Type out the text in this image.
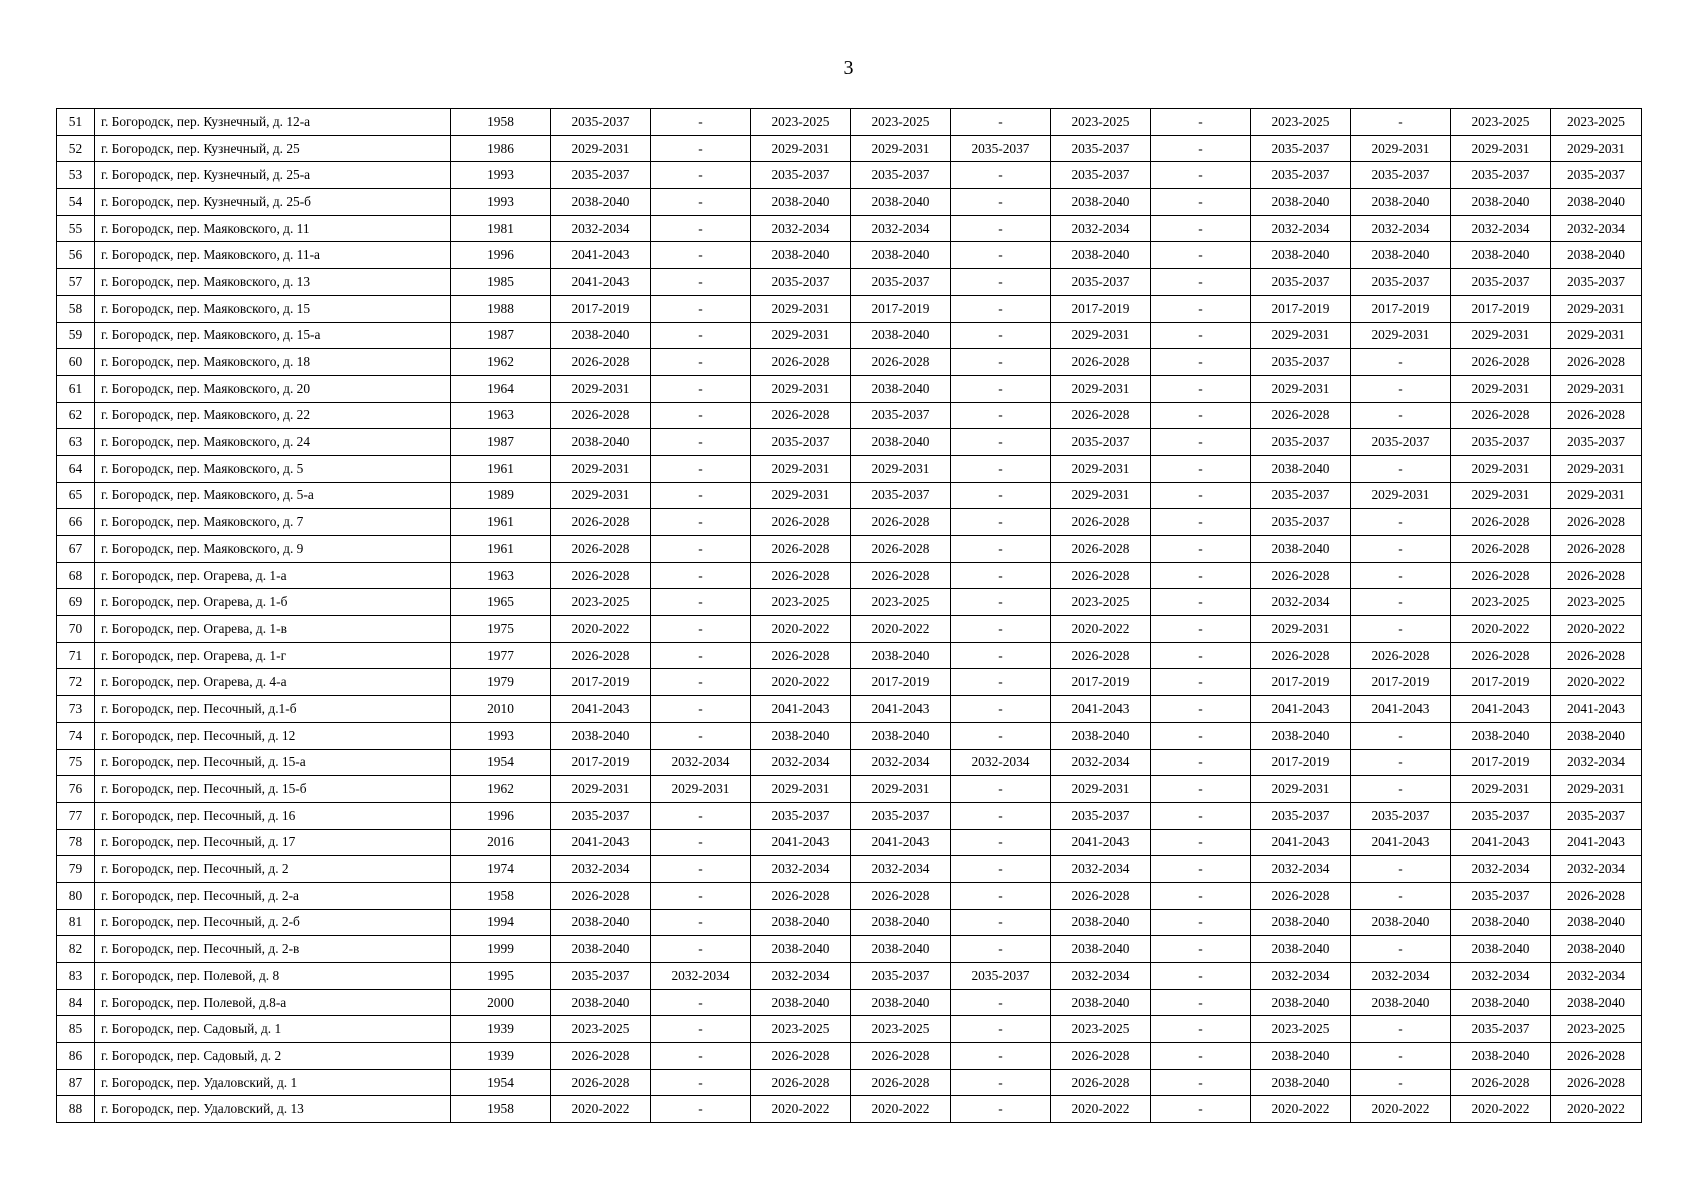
3
51	г. Богородск, пер. Кузнечный, д. 12-а	1958	2035-2037	-	2023-2025	2023-2025	-	2023-2025	-	2023-2025	-	2023-2025	2023-2025
52	г. Богородск, пер. Кузнечный, д. 25	1986	2029-2031	-	2029-2031	2029-2031	2035-2037	2035-2037	-	2035-2037	2029-2031	2029-2031	2029-2031
53	г. Богородск, пер. Кузнечный, д. 25-а	1993	2035-2037	-	2035-2037	2035-2037	-	2035-2037	-	2035-2037	2035-2037	2035-2037	2035-2037
54	г. Богородск, пер. Кузнечный, д. 25-б	1993	2038-2040	-	2038-2040	2038-2040	-	2038-2040	-	2038-2040	2038-2040	2038-2040	2038-2040
55	г. Богородск, пер. Маяковского, д. 11	1981	2032-2034	-	2032-2034	2032-2034	-	2032-2034	-	2032-2034	2032-2034	2032-2034	2032-2034
56	г. Богородск, пер. Маяковского, д. 11-а	1996	2041-2043	-	2038-2040	2038-2040	-	2038-2040	-	2038-2040	2038-2040	2038-2040	2038-2040
57	г. Богородск, пер. Маяковского, д. 13	1985	2041-2043	-	2035-2037	2035-2037	-	2035-2037	-	2035-2037	2035-2037	2035-2037	2035-2037
58	г. Богородск, пер. Маяковского, д. 15	1988	2017-2019	-	2029-2031	2017-2019	-	2017-2019	-	2017-2019	2017-2019	2017-2019	2029-2031
59	г. Богородск, пер. Маяковского, д. 15-а	1987	2038-2040	-	2029-2031	2038-2040	-	2029-2031	-	2029-2031	2029-2031	2029-2031	2029-2031
60	г. Богородск, пер. Маяковского, д. 18	1962	2026-2028	-	2026-2028	2026-2028	-	2026-2028	-	2035-2037	-	2026-2028	2026-2028
61	г. Богородск, пер. Маяковского, д. 20	1964	2029-2031	-	2029-2031	2038-2040	-	2029-2031	-	2029-2031	-	2029-2031	2029-2031
62	г. Богородск, пер. Маяковского, д. 22	1963	2026-2028	-	2026-2028	2035-2037	-	2026-2028	-	2026-2028	-	2026-2028	2026-2028
63	г. Богородск, пер. Маяковского, д. 24	1987	2038-2040	-	2035-2037	2038-2040	-	2035-2037	-	2035-2037	2035-2037	2035-2037	2035-2037
64	г. Богородск, пер. Маяковского, д. 5	1961	2029-2031	-	2029-2031	2029-2031	-	2029-2031	-	2038-2040	-	2029-2031	2029-2031
65	г. Богородск, пер. Маяковского, д. 5-а	1989	2029-2031	-	2029-2031	2035-2037	-	2029-2031	-	2035-2037	2029-2031	2029-2031	2029-2031
66	г. Богородск, пер. Маяковского, д. 7	1961	2026-2028	-	2026-2028	2026-2028	-	2026-2028	-	2035-2037	-	2026-2028	2026-2028
67	г. Богородск, пер. Маяковского, д. 9	1961	2026-2028	-	2026-2028	2026-2028	-	2026-2028	-	2038-2040	-	2026-2028	2026-2028
68	г. Богородск, пер. Огарева, д. 1-а	1963	2026-2028	-	2026-2028	2026-2028	-	2026-2028	-	2026-2028	-	2026-2028	2026-2028
69	г. Богородск, пер. Огарева, д. 1-б	1965	2023-2025	-	2023-2025	2023-2025	-	2023-2025	-	2032-2034	-	2023-2025	2023-2025
70	г. Богородск, пер. Огарева, д. 1-в	1975	2020-2022	-	2020-2022	2020-2022	-	2020-2022	-	2029-2031	-	2020-2022	2020-2022
71	г. Богородск, пер. Огарева, д. 1-г	1977	2026-2028	-	2026-2028	2038-2040	-	2026-2028	-	2026-2028	2026-2028	2026-2028	2026-2028
72	г. Богородск, пер. Огарева, д. 4-а	1979	2017-2019	-	2020-2022	2017-2019	-	2017-2019	-	2017-2019	2017-2019	2017-2019	2020-2022
73	г. Богородск, пер. Песочный, д.1-б	2010	2041-2043	-	2041-2043	2041-2043	-	2041-2043	-	2041-2043	2041-2043	2041-2043	2041-2043
74	г. Богородск, пер. Песочный, д. 12	1993	2038-2040	-	2038-2040	2038-2040	-	2038-2040	-	2038-2040	-	2038-2040	2038-2040
75	г. Богородск, пер. Песочный, д. 15-а	1954	2017-2019	2032-2034	2032-2034	2032-2034	2032-2034	2032-2034	-	2017-2019	-	2017-2019	2032-2034
76	г. Богородск, пер. Песочный, д. 15-б	1962	2029-2031	2029-2031	2029-2031	2029-2031	-	2029-2031	-	2029-2031	-	2029-2031	2029-2031
77	г. Богородск, пер. Песочный, д. 16	1996	2035-2037	-	2035-2037	2035-2037	-	2035-2037	-	2035-2037	2035-2037	2035-2037	2035-2037
78	г. Богородск, пер. Песочный, д. 17	2016	2041-2043	-	2041-2043	2041-2043	-	2041-2043	-	2041-2043	2041-2043	2041-2043	2041-2043
79	г. Богородск, пер. Песочный, д. 2	1974	2032-2034	-	2032-2034	2032-2034	-	2032-2034	-	2032-2034	-	2032-2034	2032-2034
80	г. Богородск, пер. Песочный, д. 2-а	1958	2026-2028	-	2026-2028	2026-2028	-	2026-2028	-	2026-2028	-	2035-2037	2026-2028
81	г. Богородск, пер. Песочный, д. 2-б	1994	2038-2040	-	2038-2040	2038-2040	-	2038-2040	-	2038-2040	2038-2040	2038-2040	2038-2040
82	г. Богородск, пер. Песочный, д. 2-в	1999	2038-2040	-	2038-2040	2038-2040	-	2038-2040	-	2038-2040	-	2038-2040	2038-2040
83	г. Богородск, пер. Полевой, д. 8	1995	2035-2037	2032-2034	2032-2034	2035-2037	2035-2037	2032-2034	-	2032-2034	2032-2034	2032-2034	2032-2034
84	г. Богородск, пер. Полевой, д.8-а	2000	2038-2040	-	2038-2040	2038-2040	-	2038-2040	-	2038-2040	2038-2040	2038-2040	2038-2040
85	г. Богородск, пер. Садовый, д. 1	1939	2023-2025	-	2023-2025	2023-2025	-	2023-2025	-	2023-2025	-	2035-2037	2023-2025
86	г. Богородск, пер. Садовый, д. 2	1939	2026-2028	-	2026-2028	2026-2028	-	2026-2028	-	2038-2040	-	2038-2040	2026-2028
87	г. Богородск, пер. Удаловский, д. 1	1954	2026-2028	-	2026-2028	2026-2028	-	2026-2028	-	2038-2040	-	2026-2028	2026-2028
88	г. Богородск, пер. Удаловский, д. 13	1958	2020-2022	-	2020-2022	2020-2022	-	2020-2022	-	2020-2022	2020-2022	2020-2022	2020-2022
